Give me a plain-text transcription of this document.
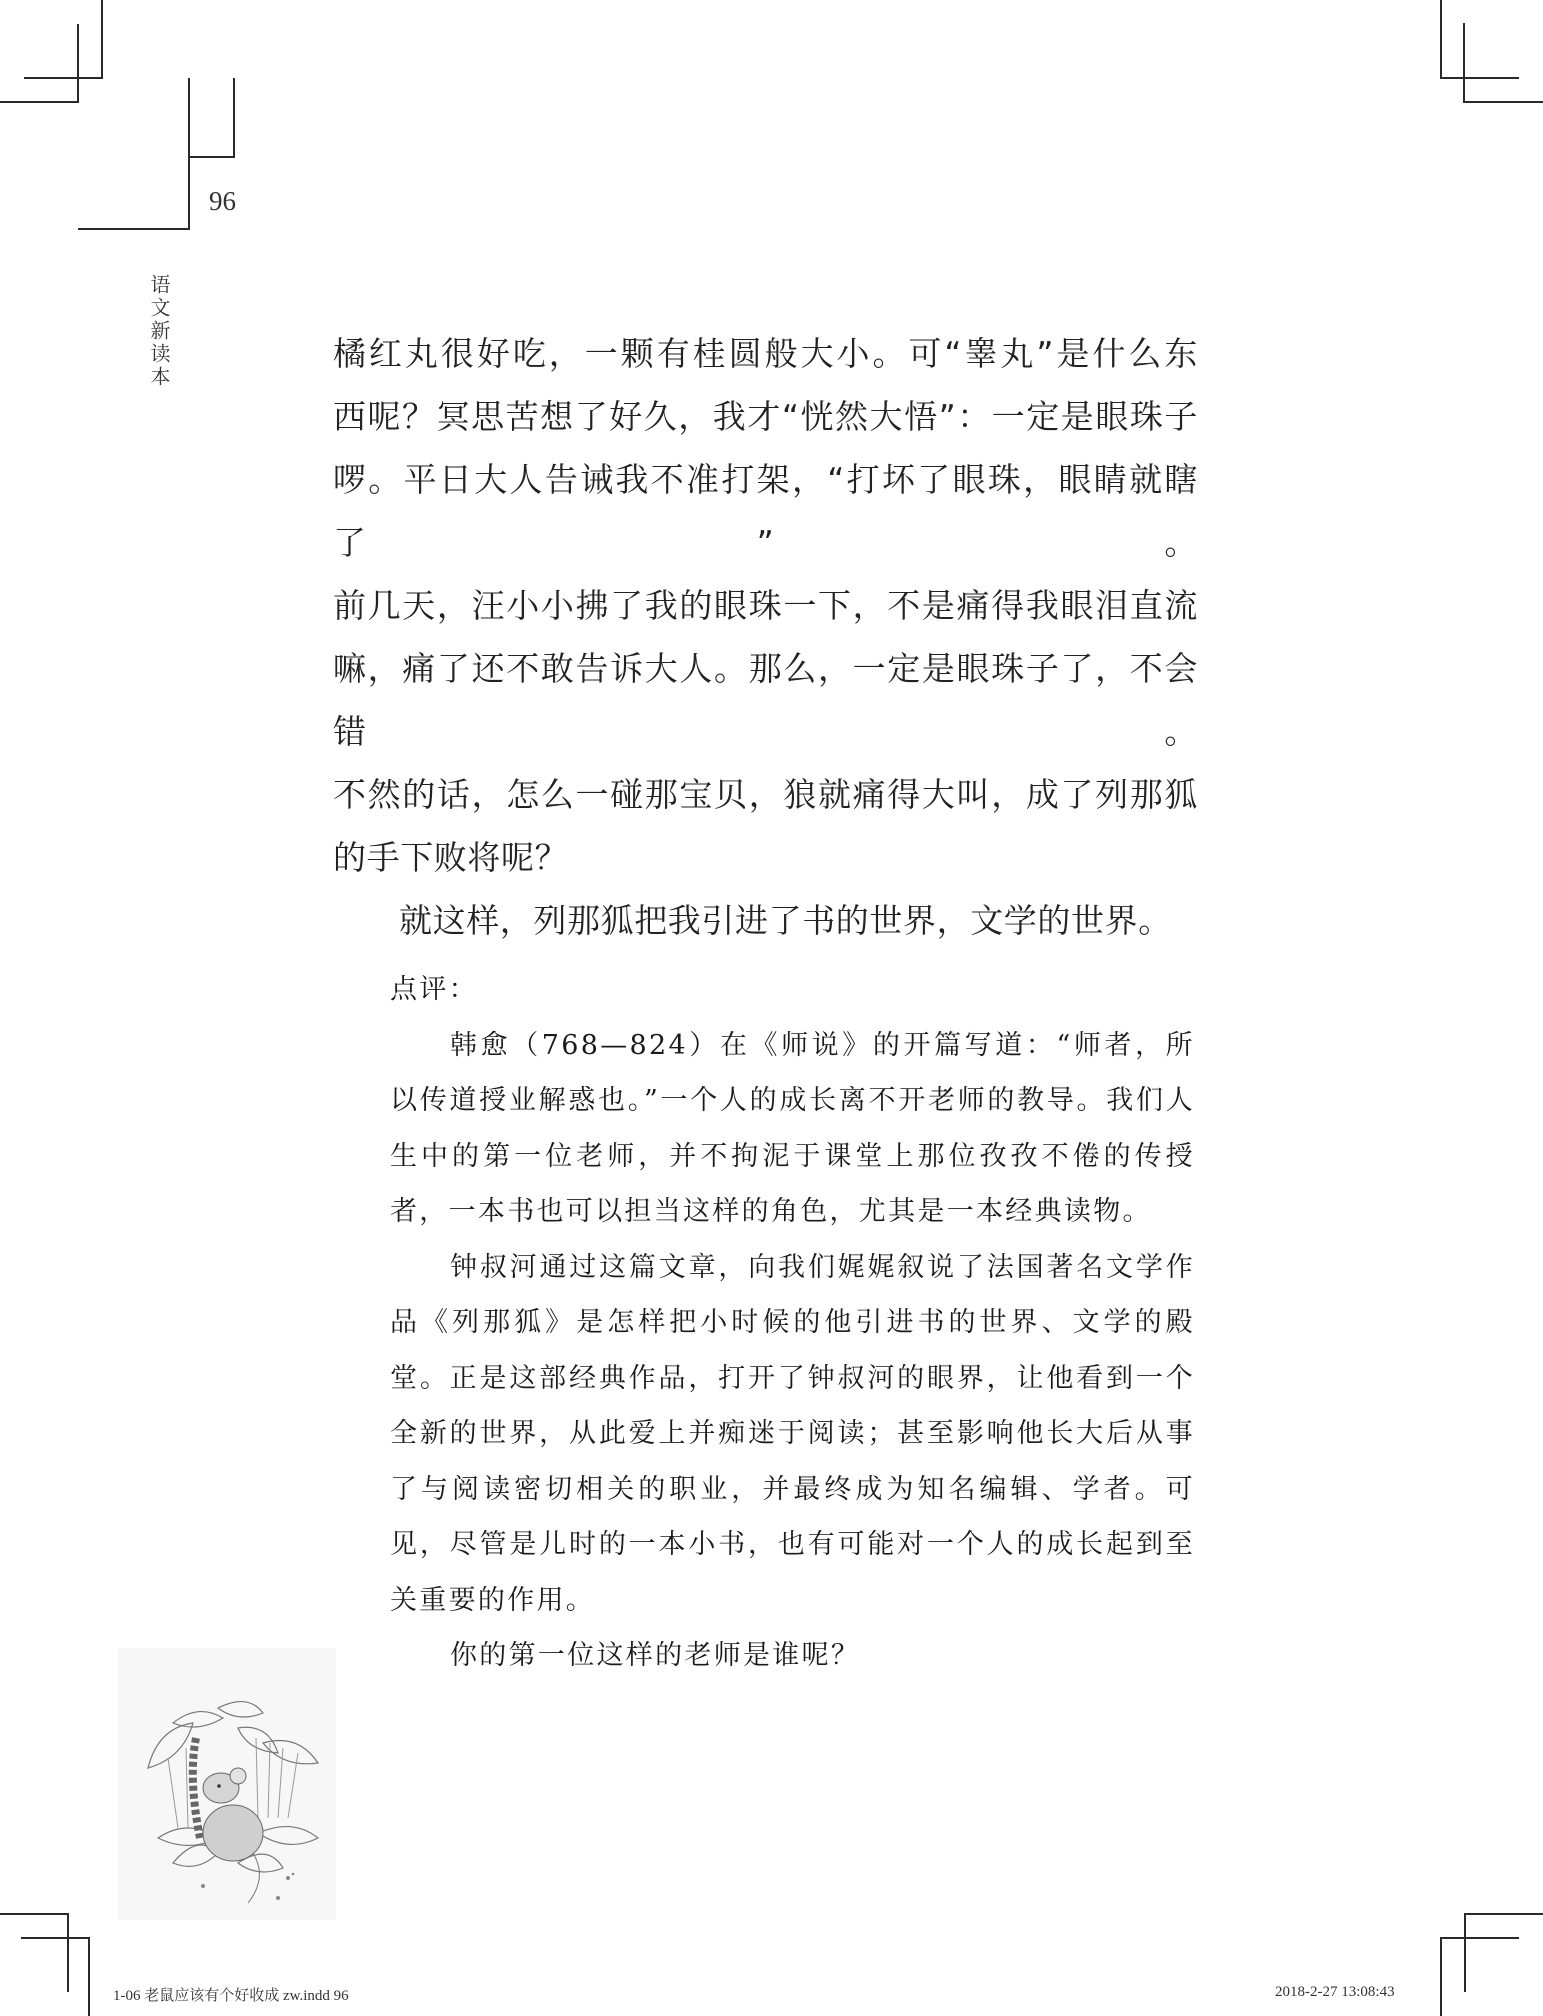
96
语文新读本	橘红丸很好吃，一颗有桂圆般大小。可“睾丸”是什么东

西呢？冥思苦想了好久，我才“恍然大悟”：一定是眼珠子

啰。平日大人告诫我不准打架，“打坏了眼珠，眼睛就瞎了”。

前几天，汪小小拂了我的眼珠一下，不是痛得我眼泪直流

嘛，痛了还不敢告诉大人。那么，一定是眼珠子了，不会错。

不然的话，怎么一碰那宝贝，狼就痛得大叫，成了列那狐

的手下败将呢？

就这样，列那狐把我引进了书的世界，文学的世界。

点评：

韩愈（768—824）在《师说》的开篇写道：“师者，所以传道授业解惑也。”一个人的成长离不开老师的教导。我们人生中的第一位老师，并不拘泥于课堂上那位孜孜不倦的传授者，一本书也可以担当这样的角色，尤其是一本经典读物。

钟叔河通过这篇文章，向我们娓娓叙说了法国著名文学作品《列那狐》是怎样把小时候的他引进书的世界、文学的殿堂。正是这部经典作品，打开了钟叔河的眼界，让他看到一个全新的世界，从此爱上并痴迷于阅读；甚至影响他长大后从事了与阅读密切相关的职业，并最终成为知名编辑、学者。可见，尽管是儿时的一本小书，也有可能对一个人的成长起到至关重要的作用。

你的第一位这样的老师是谁呢？

1-06 老鼠应该有个好收成 zw.indd 96	2018-2-27 13:08:43
